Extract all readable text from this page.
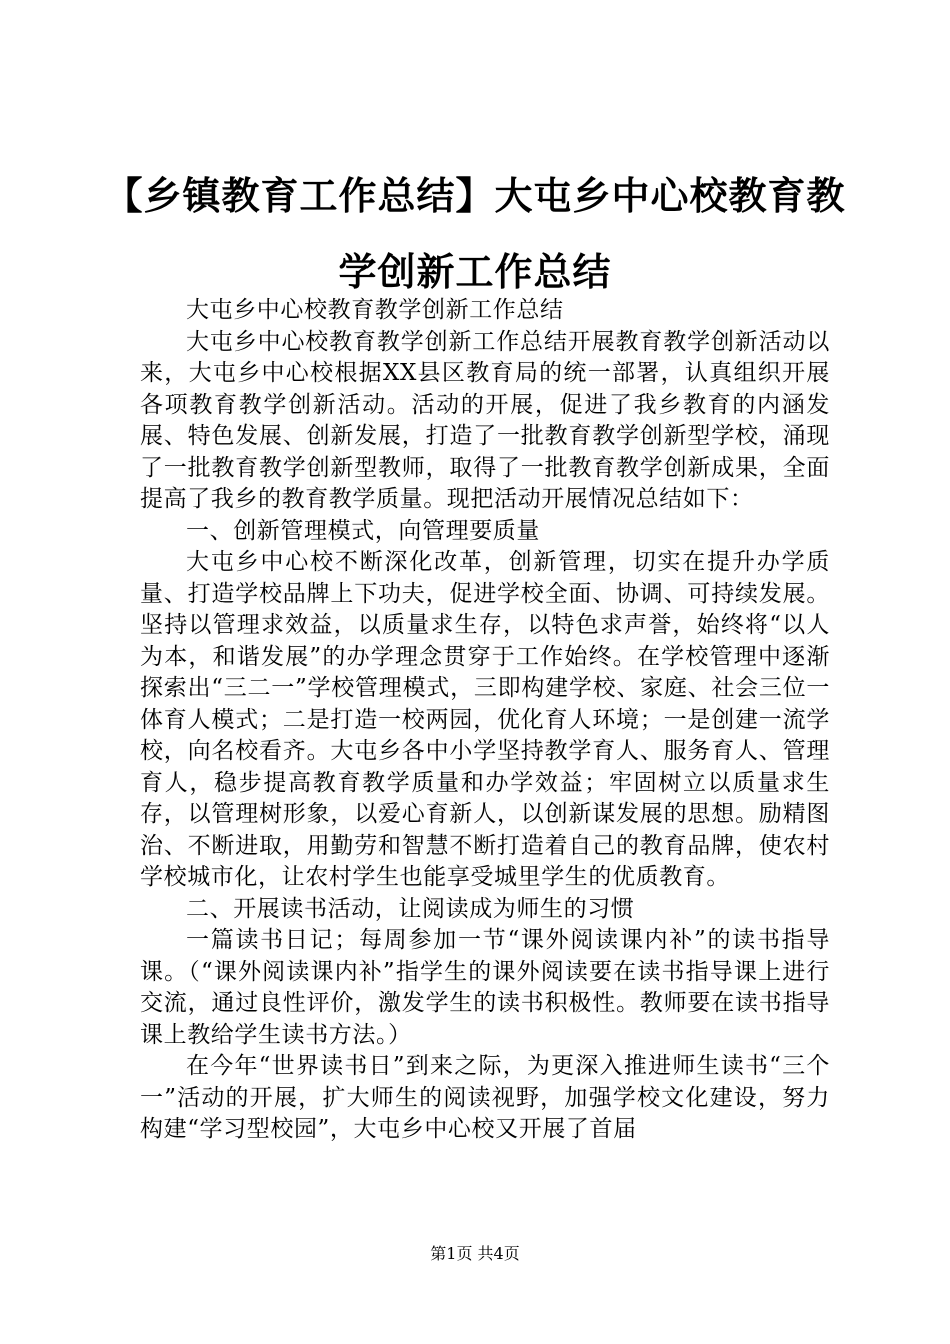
【乡镇教育工作总结】大屯乡中心校教育教学创新工作总结

大屯乡中心校教育教学创新工作总结

大屯乡中心校教育教学创新工作总结开展教育教学创新活动以来，大屯乡中心校根据XX县区教育局的统一部署，认真组织开展各项教育教学创新活动。活动的开展，促进了我乡教育的内涵发展、特色发展、创新发展，打造了一批教育教学创新型学校，涌现了一批教育教学创新型教师，取得了一批教育教学创新成果，全面提高了我乡的教育教学质量。现把活动开展情况总结如下：

一、创新管理模式，向管理要质量

大屯乡中心校不断深化改革，创新管理，切实在提升办学质量、打造学校品牌上下功夫，促进学校全面、协调、可持续发展。坚持以管理求效益，以质量求生存，以特色求声誉，始终将“以人为本，和谐发展”的办学理念贯穿于工作始终。在学校管理中逐渐探索出“三二一”学校管理模式，三即构建学校、家庭、社会三位一体育人模式；二是打造一校两园，优化育人环境；一是创建一流学校，向名校看齐。大屯乡各中小学坚持教学育人、服务育人、管理育人，稳步提高教育教学质量和办学效益；牢固树立以质量求生存，以管理树形象，以爱心育新人，以创新谋发展的思想。励精图治、不断进取，用勤劳和智慧不断打造着自己的教育品牌，使农村学校城市化，让农村学生也能享受城里学生的优质教育。

二、开展读书活动，让阅读成为师生的习惯

一篇读书日记；每周参加一节“课外阅读课内补”的读书指导课。（“课外阅读课内补”指学生的课外阅读要在读书指导课上进行交流，通过良性评价，激发学生的读书积极性。教师要在读书指导课上教给学生读书方法。）

在今年“世界读书日”到来之际，为更深入推进师生读书“三个一”活动的开展，扩大师生的阅读视野，加强学校文化建设，努力构建“学习型校园”，大屯乡中心校又开展了首届

第1页 共4页
